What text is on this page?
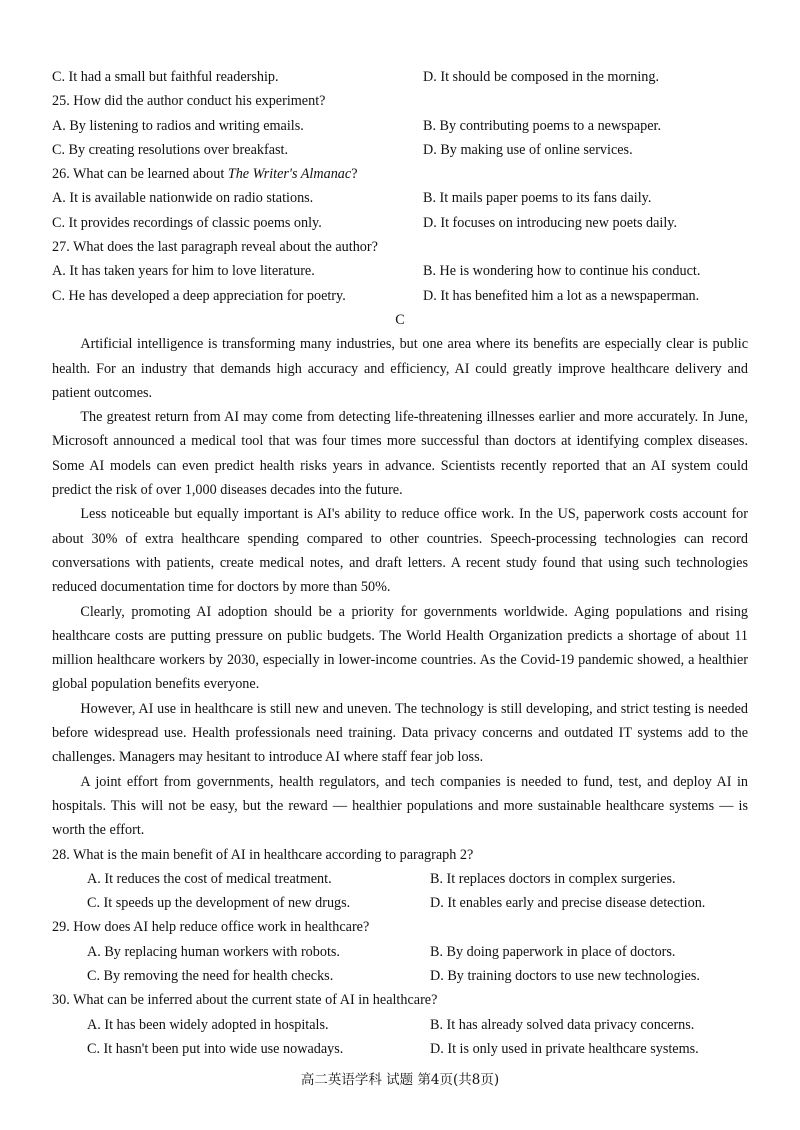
C. It had a small but faithful readership.	D. It should be composed in the morning.
25. How did the author conduct his experiment?
A. By listening to radios and writing emails.	B. By contributing poems to a newspaper.
C. By creating resolutions over breakfast.	D. By making use of online services.
26. What can be learned about The Writer's Almanac?
A. It is available nationwide on radio stations.	B. It mails paper poems to its fans daily.
C. It provides recordings of classic poems only.	D. It focuses on introducing new poets daily.
27. What does the last paragraph reveal about the author?
A. It has taken years for him to love literature.	B. He is wondering how to continue his conduct.
C. He has developed a deep appreciation for poetry.	D. It has benefited him a lot as a newspaperman.
C

Artificial intelligence is transforming many industries, but one area where its benefits are especially clear is public health. For an industry that demands high accuracy and efficiency, AI could greatly improve healthcare delivery and patient outcomes.

The greatest return from AI may come from detecting life-threatening illnesses earlier and more accurately. In June, Microsoft announced a medical tool that was four times more successful than doctors at identifying complex diseases. Some AI models can even predict health risks years in advance. Scientists recently reported that an AI system could predict the risk of over 1,000 diseases decades into the future.

Less noticeable but equally important is AI's ability to reduce office work. In the US, paperwork costs account for about 30% of extra healthcare spending compared to other countries. Speech-processing technologies can record conversations with patients, create medical notes, and draft letters. A recent study found that using such technologies reduced documentation time for doctors by more than 50%.

Clearly, promoting AI adoption should be a priority for governments worldwide. Aging populations and rising healthcare costs are putting pressure on public budgets. The World Health Organization predicts a shortage of about 11 million healthcare workers by 2030, especially in lower-income countries. As the Covid-19 pandemic showed, a healthier global population benefits everyone.

However, AI use in healthcare is still new and uneven. The technology is still developing, and strict testing is needed before widespread use. Health professionals need training. Data privacy concerns and outdated IT systems add to the challenges. Managers may hesitant to introduce AI where staff fear job loss.

A joint effort from governments, health regulators, and tech companies is needed to fund, test, and deploy AI in hospitals. This will not be easy, but the reward — healthier populations and more sustainable healthcare systems — is worth the effort.

28. What is the main benefit of AI in healthcare according to paragraph 2?
A. It reduces the cost of medical treatment.	B. It replaces doctors in complex surgeries.
C. It speeds up the development of new drugs.	D. It enables early and precise disease detection.
29. How does AI help reduce office work in healthcare?
A. By replacing human workers with robots.	B. By doing paperwork in place of doctors.
C. By removing the need for health checks.	D. By training doctors to use new technologies.
30. What can be inferred about the current state of AI in healthcare?
A. It has been widely adopted in hospitals.	B. It has already solved data privacy concerns.
C. It hasn't been put into wide use nowadays.	D. It is only used in private healthcare systems.
高二英语学科 试题 第4页(共8页)
